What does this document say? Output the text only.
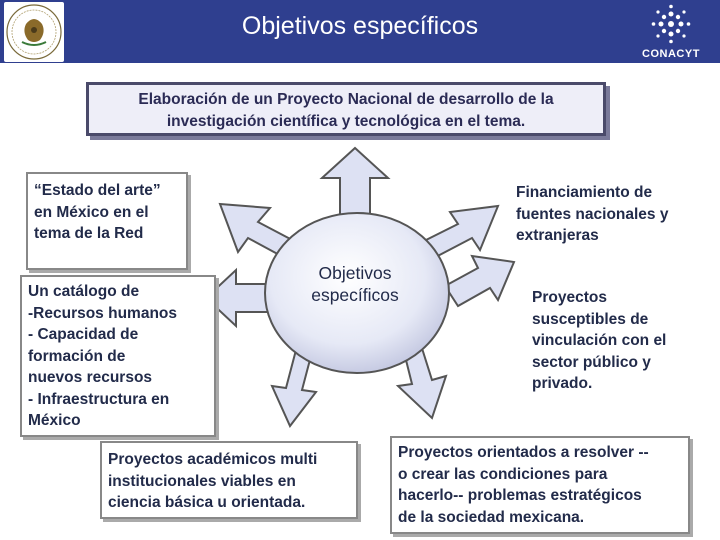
Objetivos específicos
CONACYT
Objetivos específicos
Elaboración de un Proyecto Nacional de desarrollo de la investigación científica y tecnológica en el tema.
“Estado del arte”
en México en el
tema de la Red
Financiamiento de
fuentes nacionales y
extranjeras
Un catálogo de
-Recursos humanos
- Capacidad de
formación de
nuevos recursos
- Infraestructura en
México
Proyectos
susceptibles de
vinculación con el
sector público y
privado.
Proyectos académicos multi
institucionales viables en
ciencia básica u orientada.
Proyectos orientados a resolver --
o crear las condiciones para
hacerlo-- problemas estratégicos
de la sociedad mexicana.
